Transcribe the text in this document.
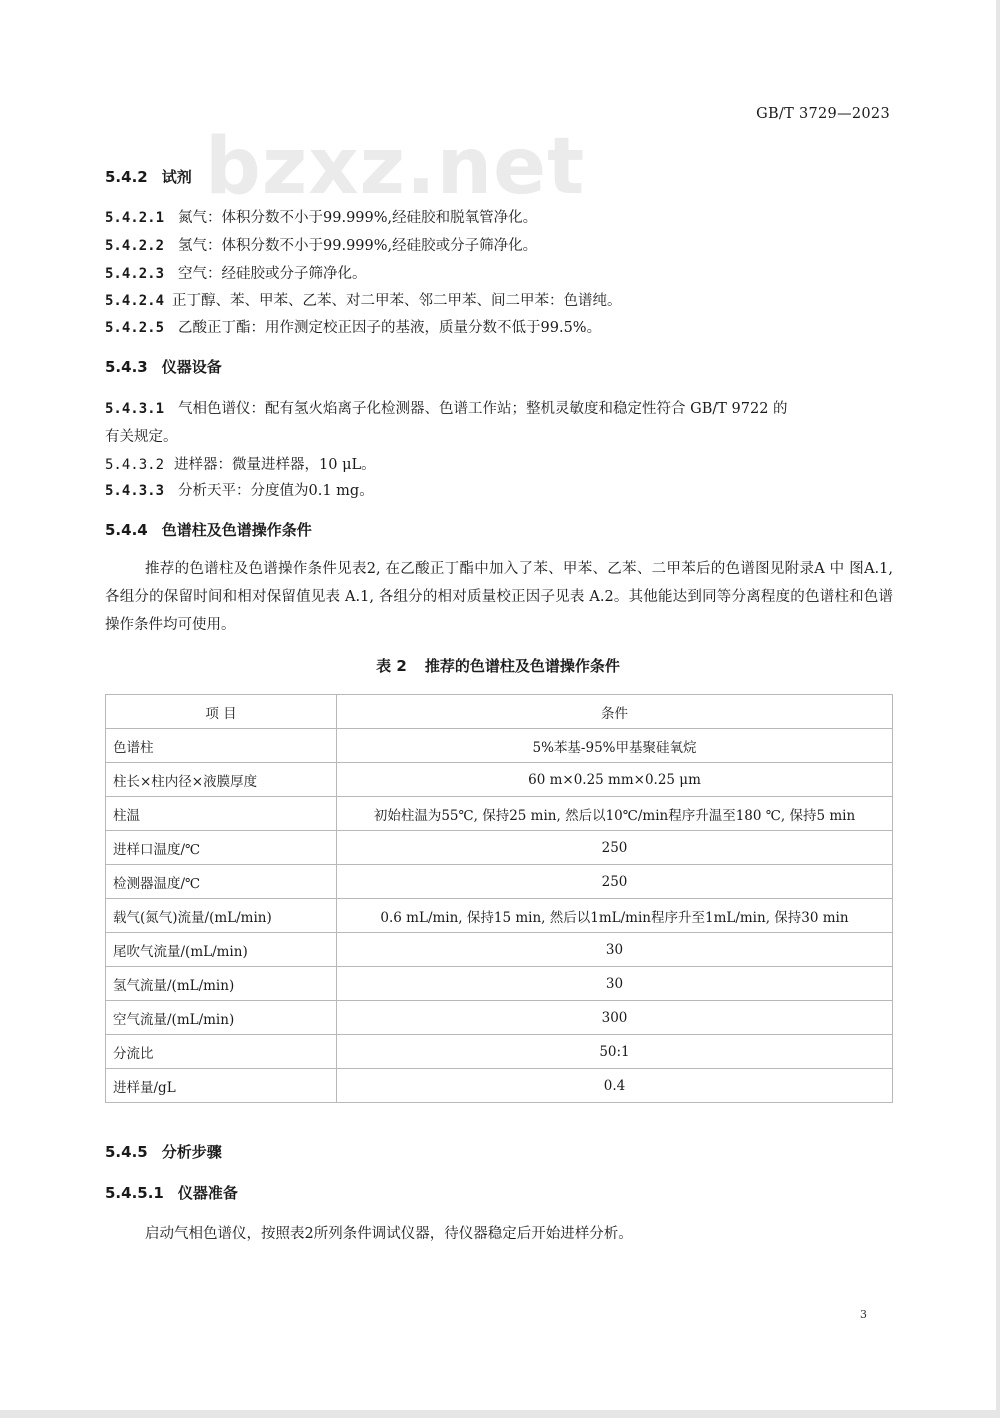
bzxz.net
GB/T 3729—2023
5.4.2 试剂
5.4.2.1 氮气：体积分数不小于99.999%,经硅胶和脱氧管净化。
5.4.2.2 氢气：体积分数不小于99.999%,经硅胶或分子筛净化。
5.4.2.3 空气：经硅胶或分子筛净化。
5.4.2.4 正丁醇、苯、甲苯、乙苯、对二甲苯、邻二甲苯、间二甲苯：色谱纯。
5.4.2.5 乙酸正丁酯：用作测定校正因子的基液，质量分数不低于99.5%。
5.4.3 仪器设备
5.4.3.1 气相色谱仪：配有氢火焰离子化检测器、色谱工作站；整机灵敏度和稳定性符合 GB/T 9722 的
有关规定。
5.4.3.2 进样器：微量进样器，10 μL。
5.4.3.3 分析天平：分度值为0.1 mg。
5.4.4 色谱柱及色谱操作条件
推荐的色谱柱及色谱操作条件见表2, 在乙酸正丁酯中加入了苯、甲苯、乙苯、二甲苯后的色谱图见附录A 中 图A.1, 各组分的保留时间和相对保留值见表 A.1, 各组分的相对质量校正因子见表 A.2。其他能达到同等分离程度的色谱柱和色谱操作条件均可使用。
表 2 推荐的色谱柱及色谱操作条件
项 目	条件
色谱柱	5%苯基-95%甲基聚硅氧烷
柱长×柱内径×液膜厚度	60 m×0.25 mm×0.25 μm
柱温	初始柱温为55℃, 保持25 min, 然后以10℃/min程序升温至180 ℃, 保持5 min
进样口温度/℃	250
检测器温度/℃	250
载气(氮气)流量/(mL/min)	0.6 mL/min, 保持15 min, 然后以1mL/min程序升至1mL/min, 保持30 min
尾吹气流量/(mL/min)	30
氢气流量/(mL/min)	30
空气流量/(mL/min)	300
分流比	50:1
进样量/gL	0.4
5.4.5 分析步骤
5.4.5.1 仪器准备
启动气相色谱仪，按照表2所列条件调试仪器，待仪器稳定后开始进样分析。
3
